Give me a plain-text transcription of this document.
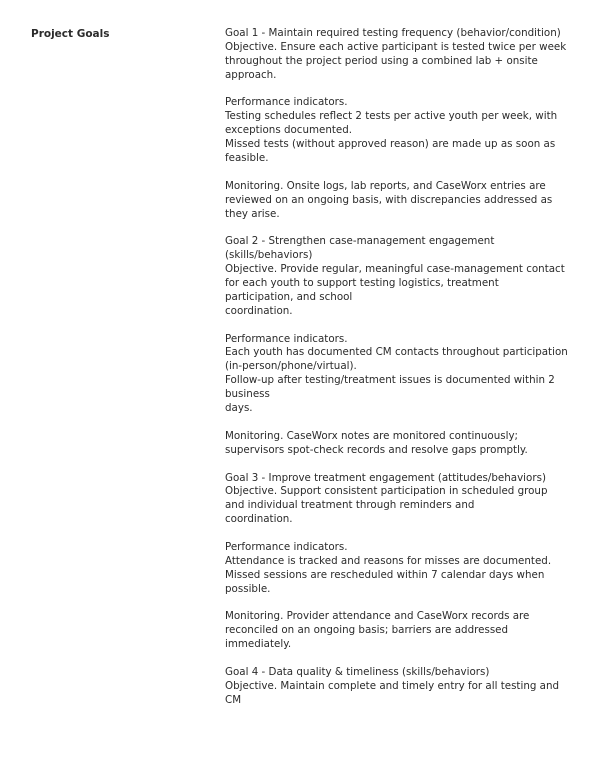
Project Goals	Goal 1 - Maintain required testing frequency (behavior/condition)
Objective. Ensure each active participant is tested twice per week
throughout the project period using a combined lab + onsite
approach.
Performance indicators.
Testing schedules reflect 2 tests per active youth per week, with
exceptions documented.
Missed tests (without approved reason) are made up as soon as
feasible.
Monitoring. Onsite logs, lab reports, and CaseWorx entries are
reviewed on an ongoing basis, with discrepancies addressed as
they arise.
Goal 2 - Strengthen case-management engagement
(skills/behaviors)
Objective. Provide regular, meaningful case-management contact
for each youth to support testing logistics, treatment
participation, and school
coordination.
Performance indicators.
Each youth has documented CM contacts throughout participation
(in-person/phone/virtual).
Follow-up after testing/treatment issues is documented within 2
business
days.
Monitoring. CaseWorx notes are monitored continuously;
supervisors spot-check records and resolve gaps promptly.
Goal 3 - Improve treatment engagement (attitudes/behaviors)
Objective. Support consistent participation in scheduled group
and individual treatment through reminders and
coordination.
Performance indicators.
Attendance is tracked and reasons for misses are documented.
Missed sessions are rescheduled within 7 calendar days when
possible.
Monitoring. Provider attendance and CaseWorx records are
reconciled on an ongoing basis; barriers are addressed
immediately.
Goal 4 - Data quality & timeliness (skills/behaviors)
Objective. Maintain complete and timely entry for all testing and
CM
